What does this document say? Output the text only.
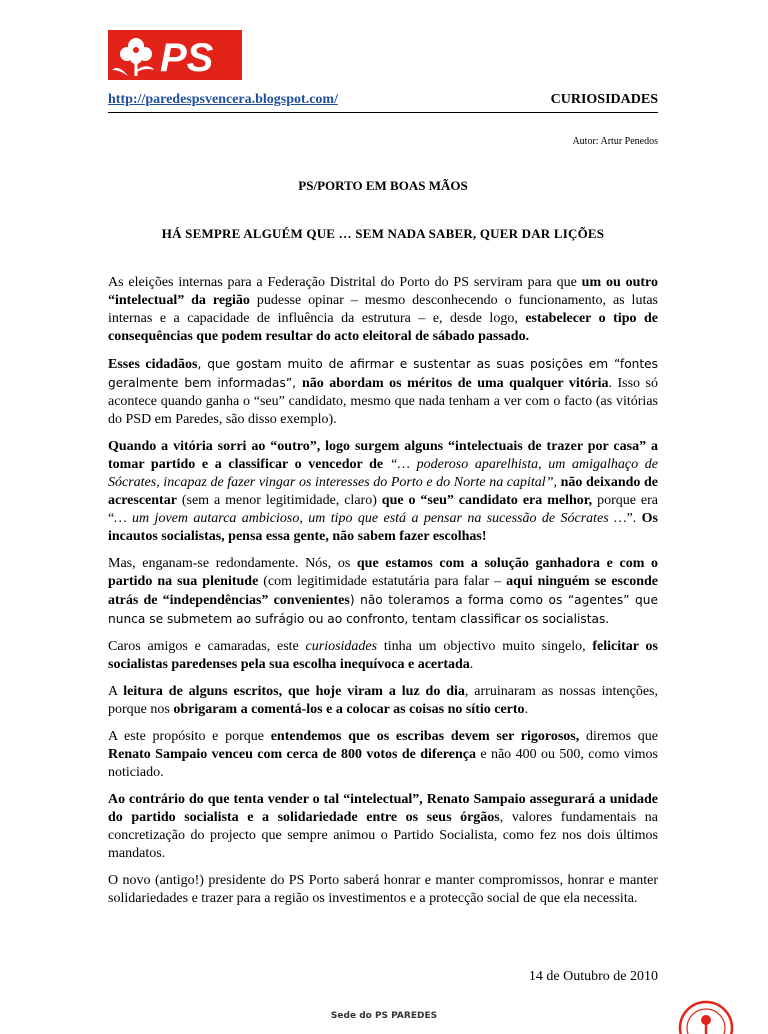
PS
http://paredespsvencera.blogspot.com/	CURIOSIDADES
Autor: Artur Penedos
PS/PORTO EM BOAS MÃOS
HÁ SEMPRE ALGUÉM QUE … SEM NADA SABER, QUER DAR LIÇÕES

As eleições internas para a Federação Distrital do Porto do PS serviram para que um ou outro “intelectual” da região pudesse opinar – mesmo desconhecendo o funcionamento, as lutas internas e a capacidade de influência da estrutura – e, desde logo, estabelecer o tipo de consequências que podem resultar do acto eleitoral de sábado passado.

Esses cidadãos, que gostam muito de afirmar e sustentar as suas posições em “fontes geralmente bem informadas”, não abordam os méritos de uma qualquer vitória. Isso só acontece quando ganha o “seu” candidato, mesmo que nada tenham a ver com o facto (as vitórias do PSD em Paredes, são disso exemplo).

Quando a vitória sorri ao “outro”, logo surgem alguns “intelectuais de trazer por casa” a tomar partido e a classificar o vencedor de “… poderoso aparelhista, um amigalhaço de Sócrates, incapaz de fazer vingar os interesses do Porto e do Norte na capital”, não deixando de acrescentar (sem a menor legitimidade, claro) que o “seu” candidato era melhor, porque era “… um jovem autarca ambicioso, um tipo que está a pensar na sucessão de Sócrates …”. Os incautos socialistas, pensa essa gente, não sabem fazer escolhas!

Mas, enganam-se redondamente. Nós, os que estamos com a solução ganhadora e com o partido na sua plenitude (com legitimidade estatutária para falar – aqui ninguém se esconde atrás de “independências” convenientes) não toleramos a forma como os “agentes” que nunca se submetem ao sufrágio ou ao confronto, tentam classificar os socialistas.

Caros amigos e camaradas, este curiosidades tinha um objectivo muito singelo, felicitar os socialistas paredenses pela sua escolha inequívoca e acertada.

A leitura de alguns escritos, que hoje viram a luz do dia, arruinaram as nossas intenções, porque nos obrigaram a comentá-los e a colocar as coisas no sítio certo.

A este propósito e porque entendemos que os escribas devem ser rigorosos, diremos que Renato Sampaio venceu com cerca de 800 votos de diferença e não 400 ou 500, como vimos noticiado.

Ao contrário do que tenta vender o tal “intelectual”, Renato Sampaio assegurará a unidade do partido socialista e a solidariedade entre os seus órgãos, valores fundamentais na concretização do projecto que sempre animou o Partido Socialista, como fez nos dois últimos mandatos.

O novo (antigo!) presidente do PS Porto saberá honrar e manter compromissos, honrar e manter solidariedades e trazer para a região os investimentos e a protecção social de que ela necessita.

14 de Outubro de 2010
Sede do PS PAREDES
